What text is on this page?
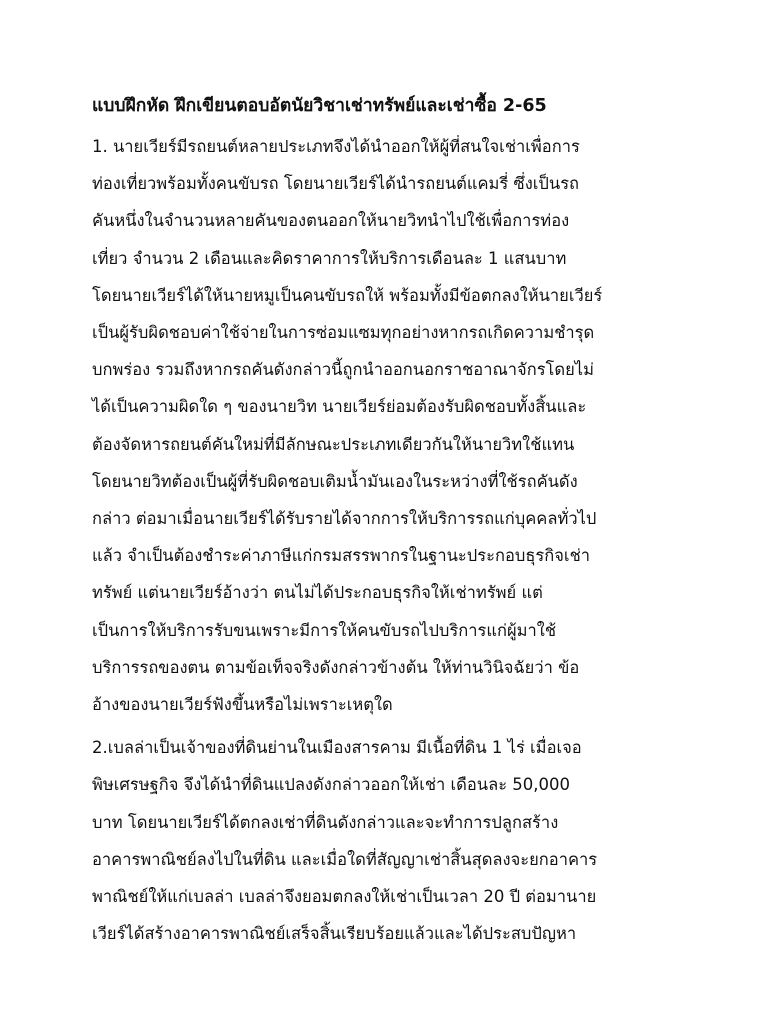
แบบฝึกหัด ฝึกเขียนตอบอัตนัยวิชาเช่าทรัพย์และเช่าซื้อ 2-65
1. นายเวียร์มีรถยนต์หลายประเภทจึงได้นำออกให้ผู้ที่สนใจเช่าเพื่อการ
ท่องเที่ยวพร้อมทั้งคนขับรถ โดยนายเวียร์ได้นำรถยนต์แคมรี่ ซึ่งเป็นรถ
คันหนึ่งในจำนวนหลายคันของตนออกให้นายวิทนำไปใช้เพื่อการท่อง
เที่ยว จำนวน 2 เดือนและคิดราคาการให้บริการเดือนละ 1 แสนบาท
โดยนายเวียร์ได้ให้นายหมูเป็นคนขับรถให้ พร้อมทั้งมีข้อตกลงให้นายเวียร์
เป็นผู้รับผิดชอบค่าใช้จ่ายในการซ่อมแซมทุกอย่างหากรถเกิดความชำรุด
บกพร่อง รวมถึงหากรถคันดังกล่าวนี้ถูกนำออกนอกราชอาณาจักรโดยไม่
ได้เป็นความผิดใด ๆ ของนายวิท นายเวียร์ย่อมต้องรับผิดชอบทั้งสิ้นและ
ต้องจัดหารถยนต์คันใหม่ที่มีลักษณะประเภทเดียวกันให้นายวิทใช้แทน
โดยนายวิทต้องเป็นผู้ที่รับผิดชอบเติมน้ำมันเองในระหว่างที่ใช้รถคันดัง
กล่าว ต่อมาเมื่อนายเวียร์ได้รับรายได้จากการให้บริการรถแก่บุคคลทั่วไป
แล้ว จำเป็นต้องชำระค่าภาษีแก่กรมสรรพากรในฐานะประกอบธุรกิจเช่า
ทรัพย์ แต่นายเวียร์อ้างว่า ตนไม่ได้ประกอบธุรกิจให้เช่าทรัพย์ แต่
เป็นการให้บริการรับขนเพราะมีการให้คนขับรถไปบริการแก่ผู้มาใช้
บริการรถของตน ตามข้อเท็จจริงดังกล่าวข้างต้น ให้ท่านวินิจฉัยว่า ข้อ
อ้างของนายเวียร์ฟังขึ้นหรือไม่เพราะเหตุใด
2.เบลล่าเป็นเจ้าของที่ดินย่านในเมืองสารคาม มีเนื้อที่ดิน 1 ไร่ เมื่อเจอ
พิษเศรษฐกิจ จึงได้นำที่ดินแปลงดังกล่าวออกให้เช่า เดือนละ 50,000
บาท โดยนายเวียร์ได้ตกลงเช่าที่ดินดังกล่าวและจะทำการปลูกสร้าง
อาคารพาณิชย์ลงไปในที่ดิน และเมื่อใดที่สัญญาเช่าสิ้นสุดลงจะยกอาคาร
พาณิชย์ให้แก่เบลล่า เบลล่าจึงยอมตกลงให้เช่าเป็นเวลา 20 ปี ต่อมานาย
เวียร์ได้สร้างอาคารพาณิชย์เสร็จสิ้นเรียบร้อยแล้วและได้ประสบปัญหา
